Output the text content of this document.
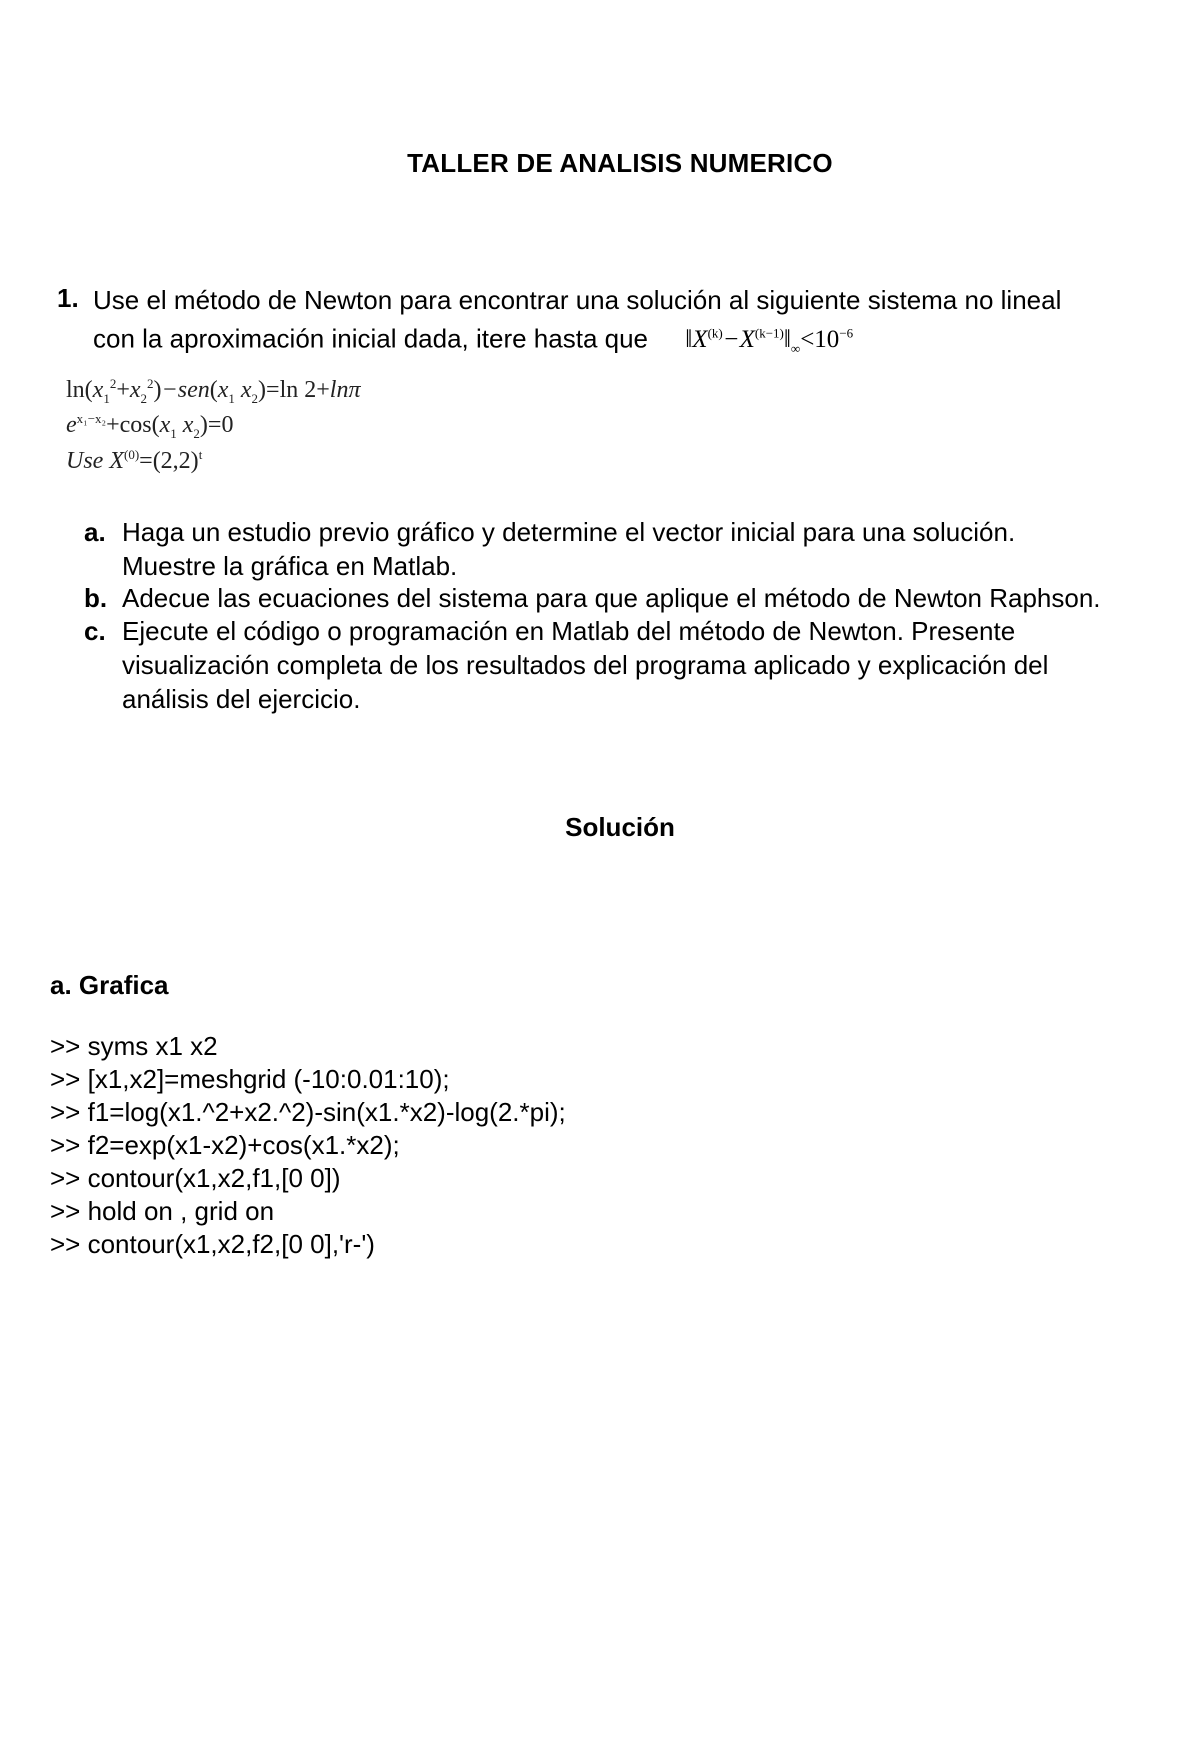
TALLER DE ANALISIS NUMERICO
1. Use el método de Newton para encontrar una solución al siguiente sistema no lineal
con la aproximación inicial dada, itere hasta que $‖X^{(k)}-X^{(k-1)}‖_\infty<10^{-6}$
$\ln(x_1^2+x_2^2)-sen(x_1$ $x_2)=\ln$ 2+lnπ
$e^{x_1-x_2}+\cos(x_1$ $x_2)=0$
Use $X^{(0)}=(2,2)^t$
a. Haga un estudio previo gráfico y determine el vector inicial para una solución.
Muestre la gráfica en Matlab.
b. Adecue las ecuaciones del sistema para que aplique el método de Newton Raphson.
c. Ejecute el código o programación en Matlab del método de Newton. Presente
visualización completa de los resultados del programa aplicado y explicación del
análisis del ejercicio.
Solución
a. Grafica
>> syms x1 x2
>> [x1,x2]=meshgrid (-10:0.01:10);
>> f1=log(x1.^2+x2.^2)-sin(x1.*x2)-log(2.*pi);
>> f2=exp(x1-x2)+cos(x1.*x2);
>> contour(x1,x2,f1,[0 0])
>> hold on , grid on
>> contour(x1,x2,f2,[0 0],'r-')
